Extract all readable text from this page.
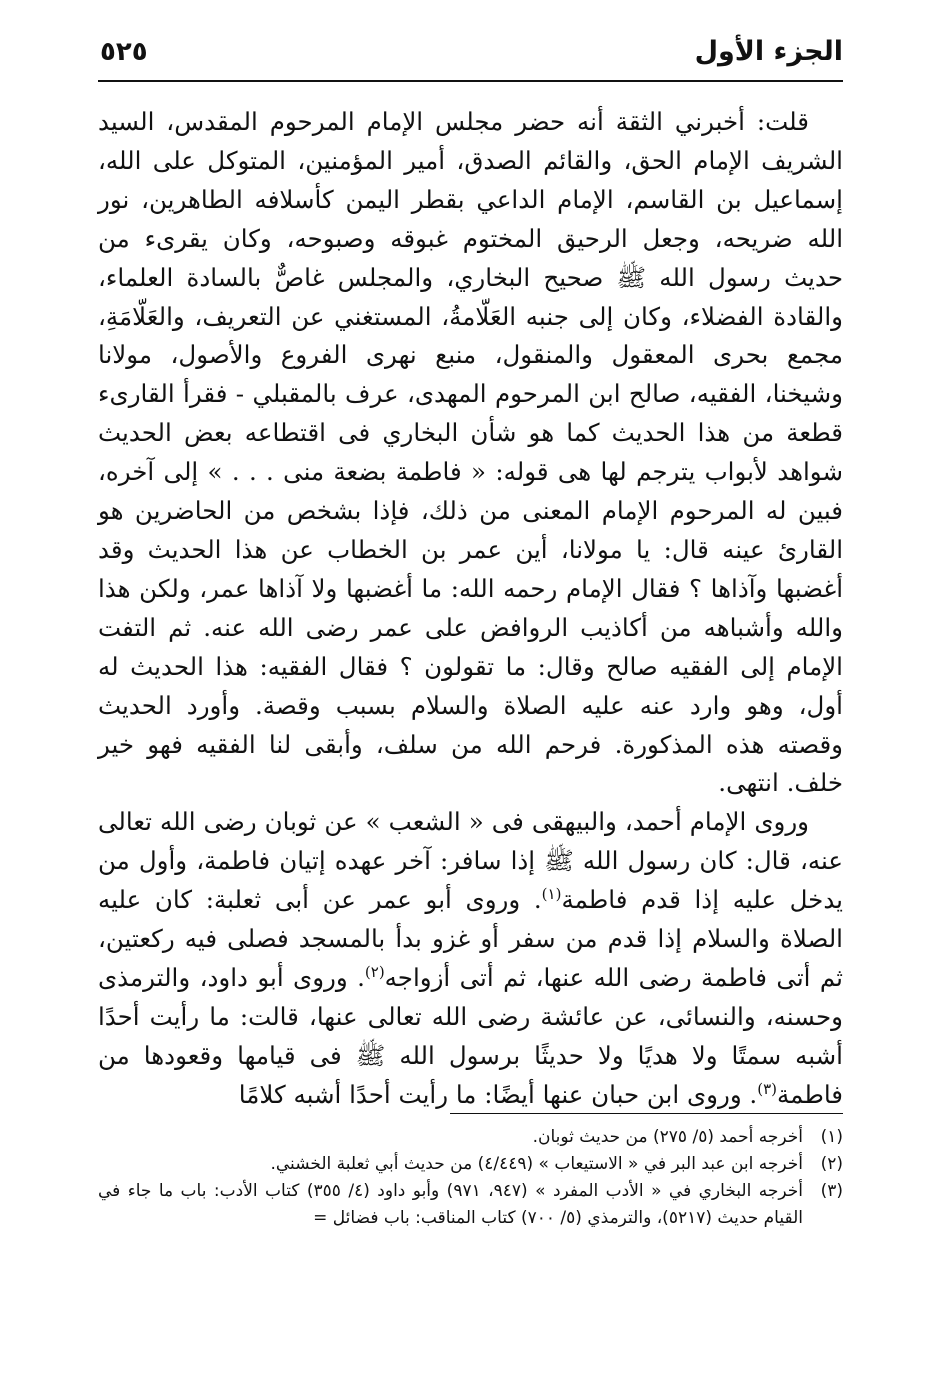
الجزء الأول
٥٢٥

قلت: أخبرني الثقة أنه حضر مجلس الإمام المرحوم المقدس، السيد الشريف الإمام الحق، والقائم الصدق، أمير المؤمنين، المتوكل على الله، إسماعيل بن القاسم، الإمام الداعي بقطر اليمن كأسلافه الطاهرين، نور الله ضريحه، وجعل الرحيق المختوم غبوقه وصبوحه، وكان يقرىء من حديث رسول الله ﷺ صحيح البخاري، والمجلس غاصٌّ بالسادة العلماء، والقادة الفضلاء، وكان إلى جنبه العَلّامةُ، المستغني عن التعريف، والعَلّامَةِ، مجمع بحرى المعقول والمنقول، منبع نهرى الفروع والأصول، مولانا وشيخنا، الفقيه، صالح ابن المرحوم المهدى، عرف بالمقبلي - فقرأ القارىء قطعة من هذا الحديث كما هو شأن البخاري فى اقتطاعه بعض الحديث شواهد لأبواب يترجم لها هى قوله: « فاطمة بضعة منى . . . » إلى آخره، فبين له المرحوم الإمام المعنى من ذلك، فإذا بشخص من الحاضرين هو القارئ عينه قال: يا مولانا، أين عمر بن الخطاب عن هذا الحديث وقد أغضبها وآذاها ؟ فقال الإمام رحمه الله: ما أغضبها ولا آذاها عمر، ولكن هذا والله وأشباهه من أكاذيب الروافض على عمر رضى الله عنه. ثم التفت الإمام إلى الفقيه صالح وقال: ما تقولون ؟ فقال الفقيه: هذا الحديث له أول، وهو وارد عنه عليه الصلاة والسلام بسبب وقصة. وأورد الحديث وقصته هذه المذكورة. فرحم الله من سلف، وأبقى لنا الفقيه فهو خير خلف. انتهى.

وروى الإمام أحمد، والبيهقى فى « الشعب » عن ثوبان رضى الله تعالى عنه، قال: كان رسول الله ﷺ إذا سافر: آخر عهده إتيان فاطمة، وأول من يدخل عليه إذا قدم فاطمة$^{(١)}$. وروى أبو عمر عن أبى ثعلبة: كان عليه الصلاة والسلام إذا قدم من سفر أو غزو بدأ بالمسجد فصلى فيه ركعتين، ثم أتى فاطمة رضى الله عنها، ثم أتى أزواجه$^{(٢)}$. وروى أبو داود، والترمذى وحسنه، والنسائى، عن عائشة رضى الله تعالى عنها، قالت: ما رأيت أحدًا أشبه سمتًا ولا هديًا ولا حديثًا برسول الله ﷺ فى قيامها وقعودها من فاطمة$^{(٣)}$. وروى ابن حبان عنها أيضًا: ما رأيت أحدًا أشبه كلامًا

(١)
أخرجه أحمد (٥/ ٢٧٥) من حديث ثوبان.
(٢)
أخرجه ابن عبد البر في « الاستيعاب » (٤/٤٤٩) من حديث أبي ثعلبة الخشني.
(٣)
أخرجه البخاري في « الأدب المفرد » (٩٤٧، ٩٧١) وأبو داود (٤/ ٣٥٥) كتاب الأدب: باب ما جاء في القيام حديث (٥٢١٧)، والترمذي (٥/ ٧٠٠) كتاب المناقب: باب فضائل =
